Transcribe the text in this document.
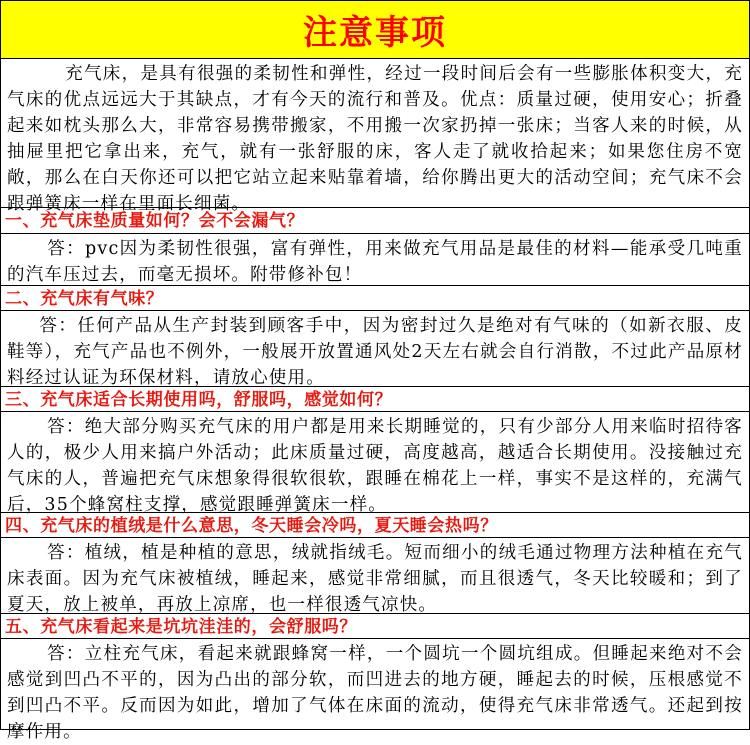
注意事项
充气床，是具有很强的柔韧性和弹性，经过一段时间后会有一些膨胀体积变大，充气床的优点远远大于其缺点，才有今天的流行和普及。优点：质量过硬，使用安心；折叠起来如枕头那么大，非常容易携带搬家，不用搬一次家扔掉一张床；当客人来的时候，从抽屉里把它拿出来，充气，就有一张舒服的床，客人走了就收拾起来；如果您住房不宽敞，那么在白天你还可以把它站立起来贴靠着墙，给你腾出更大的活动空间；充气床不会跟弹簧床一样在里面长细菌。
一、充气床垫质量如何？会不会漏气？
答：pvc因为柔韧性很强，富有弹性，用来做充气用品是最佳的材料—能承受几吨重的汽车压过去，而毫无损坏。附带修补包！
二、充气床有气味？
答：任何产品从生产封装到顾客手中，因为密封过久是绝对有气味的（如新衣服、皮鞋等），充气产品也不例外，一般展开放置通风处2天左右就会自行消散，不过此产品原材料经过认证为环保材料，请放心使用。
三、充气床适合长期使用吗，舒服吗，感觉如何？
答：绝大部分购买充气床的用户都是用来长期睡觉的，只有少部分人用来临时招待客人的，极少人用来搞户外活动；此床质量过硬，高度越高，越适合长期使用。没接触过充气床的人，普遍把充气床想象得很软很软，跟睡在棉花上一样，事实不是这样的，充满气后，35个蜂窝柱支撑，感觉跟睡弹簧床一样。
四、充气床的植绒是什么意思，冬天睡会冷吗，夏天睡会热吗？
答：植绒，植是种植的意思，绒就指绒毛。短而细小的绒毛通过物理方法种植在充气床表面。因为充气床被植绒，睡起来，感觉非常细腻，而且很透气，冬天比较暖和；到了夏天，放上被单，再放上凉席，也一样很透气凉快。
五、充气床看起来是坑坑洼洼的，会舒服吗？
答：立柱充气床，看起来就跟蜂窝一样，一个圆坑一个圆坑组成。但睡起来绝对不会感觉到凹凸不平的，因为凸出的部分软，而凹进去的地方硬，睡起去的时候，压根感觉不到凹凸不平。反而因为如此，增加了气体在床面的流动，使得充气床非常透气。还起到按摩作用。
